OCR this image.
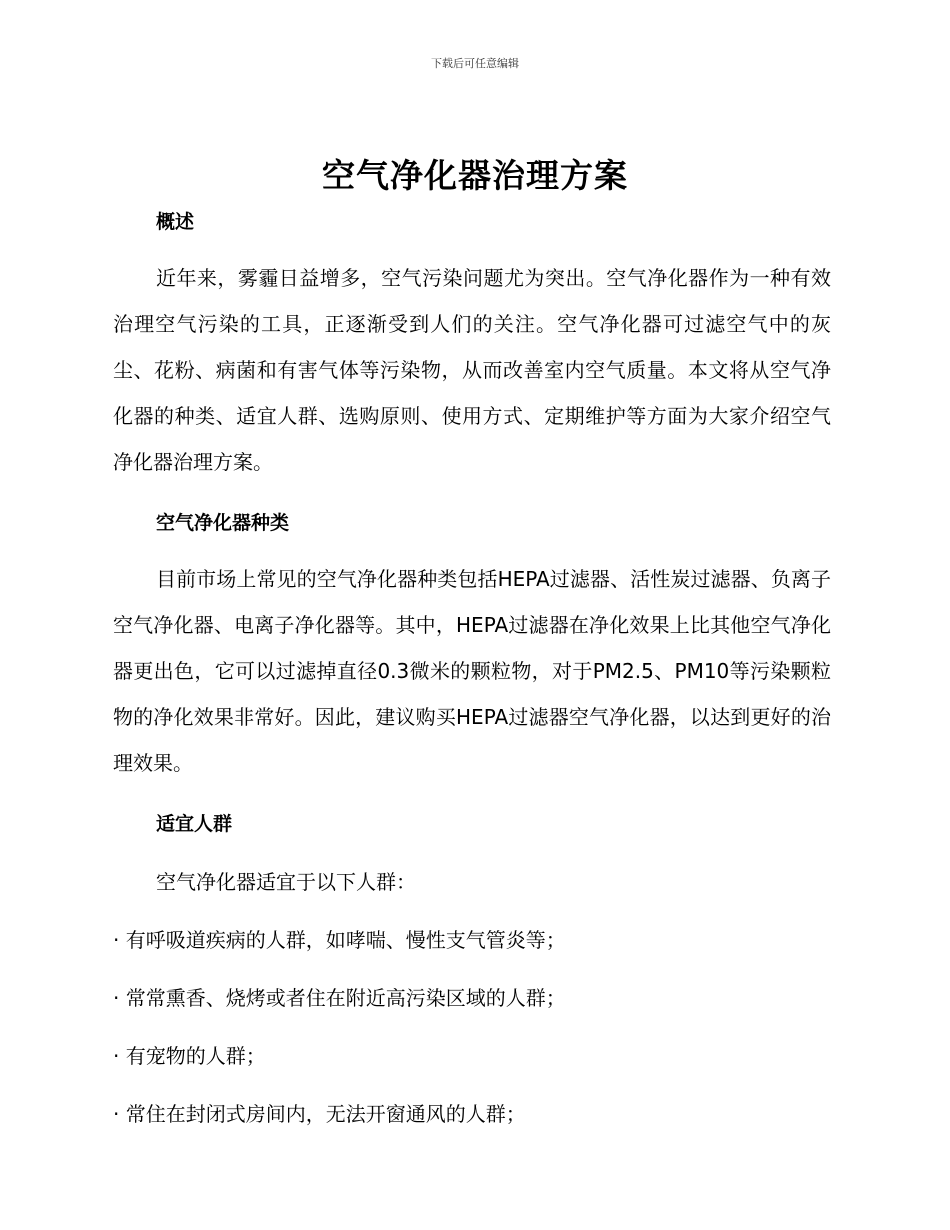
下载后可任意编辑
空气净化器治理方案

概述

近年来，雾霾日益增多，空气污染问题尤为突出。空气净化器作为一种有效治理空气污染的工具，正逐渐受到人们的关注。空气净化器可过滤空气中的灰尘、花粉、病菌和有害气体等污染物，从而改善室内空气质量。本文将从空气净化器的种类、适宜人群、选购原则、使用方式、定期维护等方面为大家介绍空气净化器治理方案。

空气净化器种类

目前市场上常见的空气净化器种类包括HEPA过滤器、活性炭过滤器、负离子空气净化器、电离子净化器等。其中，HEPA过滤器在净化效果上比其他空气净化器更出色，它可以过滤掉直径0.3微米的颗粒物，对于PM2.5、PM10等污染颗粒物的净化效果非常好。因此，建议购买HEPA过滤器空气净化器，以达到更好的治理效果。

适宜人群

空气净化器适宜于以下人群：

· 有呼吸道疾病的人群，如哮喘、慢性支气管炎等；

· 常常熏香、烧烤或者住在附近高污染区域的人群；

· 有宠物的人群；

· 常住在封闭式房间内，无法开窗通风的人群；
